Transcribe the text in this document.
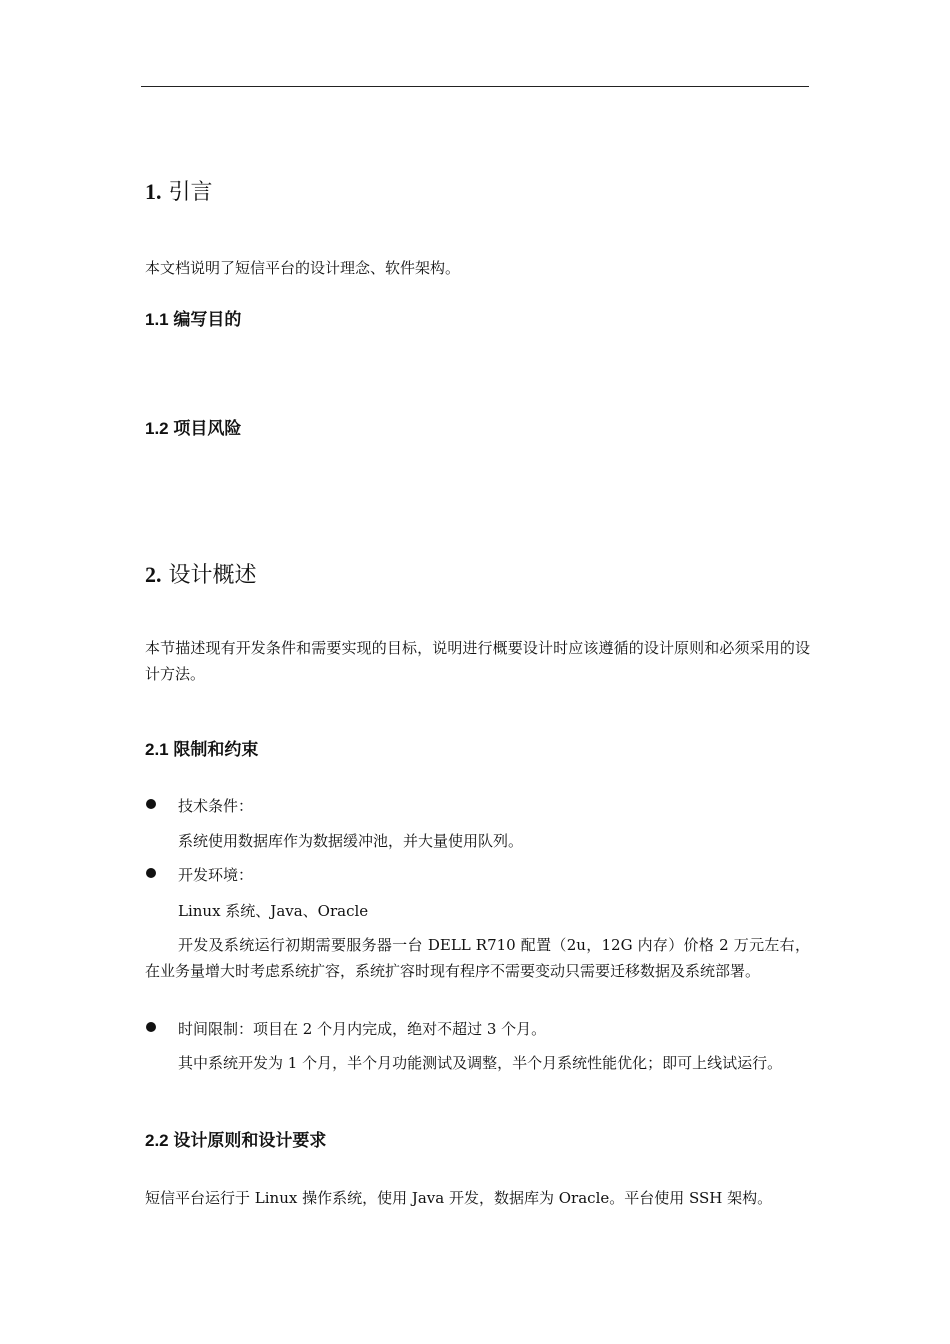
1. 引言
本文档说明了短信平台的设计理念、软件架构。
1.1 编写目的
1.2 项目风险
2. 设计概述
本节描述现有开发条件和需要实现的目标，说明进行概要设计时应该遵循的设计原则和必须采用的设计方法。
2.1 限制和约束
技术条件：
系统使用数据库作为数据缓冲池，并大量使用队列。
开发环境：
Linux 系统、Java、Oracle
开发及系统运行初期需要服务器一台 DELL R710 配置（2u，12G 内存）价格 2 万元左右，在业务量增大时考虑系统扩容，系统扩容时现有程序不需要变动只需要迁移数据及系统部署。
时间限制：项目在 2 个月内完成，绝对不超过 3 个月。
其中系统开发为 1 个月，半个月功能测试及调整，半个月系统性能优化；即可上线试运行。
2.2 设计原则和设计要求
短信平台运行于 Linux 操作系统，使用 Java 开发，数据库为 Oracle。平台使用 SSH 架构。
